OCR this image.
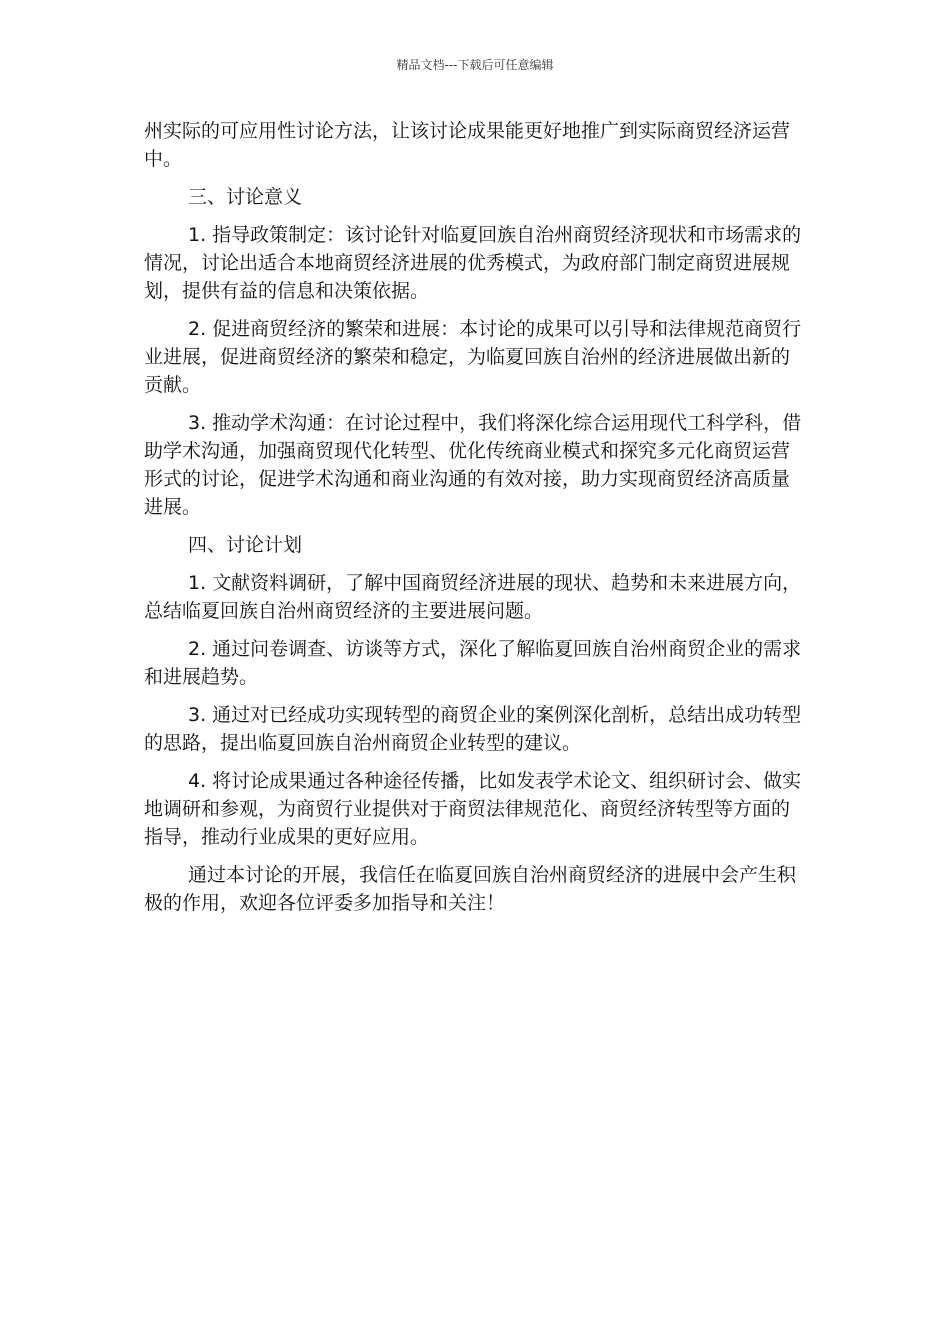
精品文档---下载后可任意编辑

州实际的可应用性讨论方法，让该讨论成果能更好地推广到实际商贸经济运营中。

三、讨论意义

1. 指导政策制定：该讨论针对临夏回族自治州商贸经济现状和市场需求的情况，讨论出适合本地商贸经济进展的优秀模式，为政府部门制定商贸进展规划，提供有益的信息和决策依据。

2. 促进商贸经济的繁荣和进展：本讨论的成果可以引导和法律规范商贸行业进展，促进商贸经济的繁荣和稳定，为临夏回族自治州的经济进展做出新的贡献。

3. 推动学术沟通：在讨论过程中，我们将深化综合运用现代工科学科，借助学术沟通，加强商贸现代化转型、优化传统商业模式和探究多元化商贸运营形式的讨论，促进学术沟通和商业沟通的有效对接，助力实现商贸经济高质量进展。

四、讨论计划

1. 文献资料调研，了解中国商贸经济进展的现状、趋势和未来进展方向，总结临夏回族自治州商贸经济的主要进展问题。

2. 通过问卷调查、访谈等方式，深化了解临夏回族自治州商贸企业的需求和进展趋势。

3. 通过对已经成功实现转型的商贸企业的案例深化剖析，总结出成功转型的思路，提出临夏回族自治州商贸企业转型的建议。

4. 将讨论成果通过各种途径传播，比如发表学术论文、组织研讨会、做实地调研和参观，为商贸行业提供对于商贸法律规范化、商贸经济转型等方面的指导，推动行业成果的更好应用。

通过本讨论的开展，我信任在临夏回族自治州商贸经济的进展中会产生积极的作用，欢迎各位评委多加指导和关注！
